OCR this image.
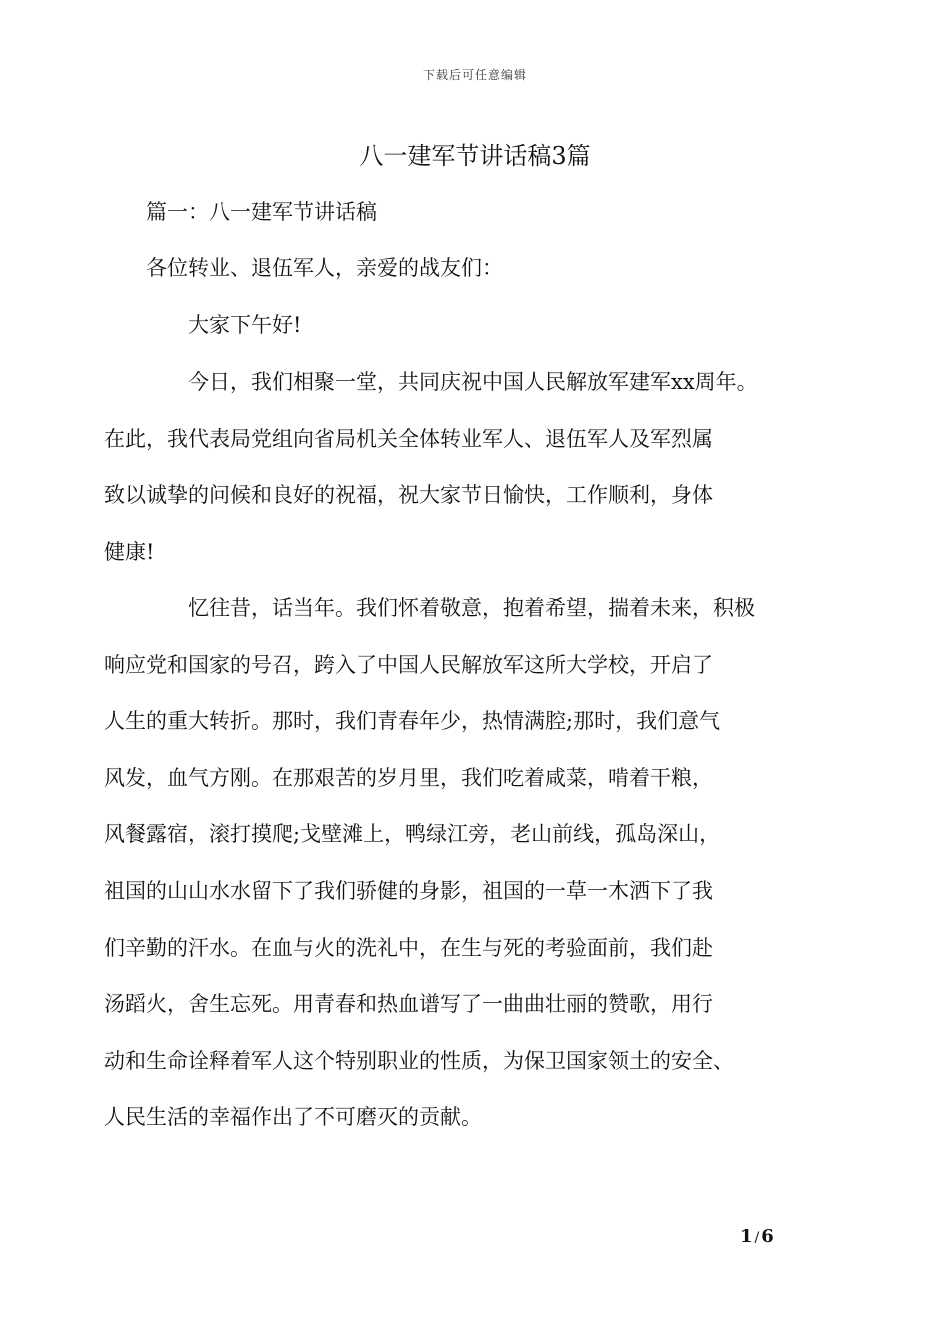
下载后可任意编辑
八一建军节讲话稿3篇

篇一：八一建军节讲话稿

各位转业、退伍军人，亲爱的战友们：

大家下午好!

今日，我们相聚一堂，共同庆祝中国人民解放军建军xx周年。
在此，我代表局党组向省局机关全体转业军人、退伍军人及军烈属
致以诚挚的问候和良好的祝福，祝大家节日愉快，工作顺利，身体
健康!

忆往昔，话当年。我们怀着敬意，抱着希望，揣着未来，积极
响应党和国家的号召，跨入了中国人民解放军这所大学校，开启了
人生的重大转折。那时，我们青春年少，热情满腔;那时，我们意气
风发，血气方刚。在那艰苦的岁月里，我们吃着咸菜，啃着干粮，
风餐露宿，滚打摸爬;戈壁滩上，鸭绿江旁，老山前线，孤岛深山，
祖国的山山水水留下了我们骄健的身影，祖国的一草一木洒下了我
们辛勤的汗水。在血与火的洗礼中，在生与死的考验面前，我们赴
汤蹈火，舍生忘死。用青春和热血谱写了一曲曲壮丽的赞歌，用行
动和生命诠释着军人这个特别职业的性质，为保卫国家领土的安全、
人民生活的幸福作出了不可磨灭的贡献。

1 / 6
